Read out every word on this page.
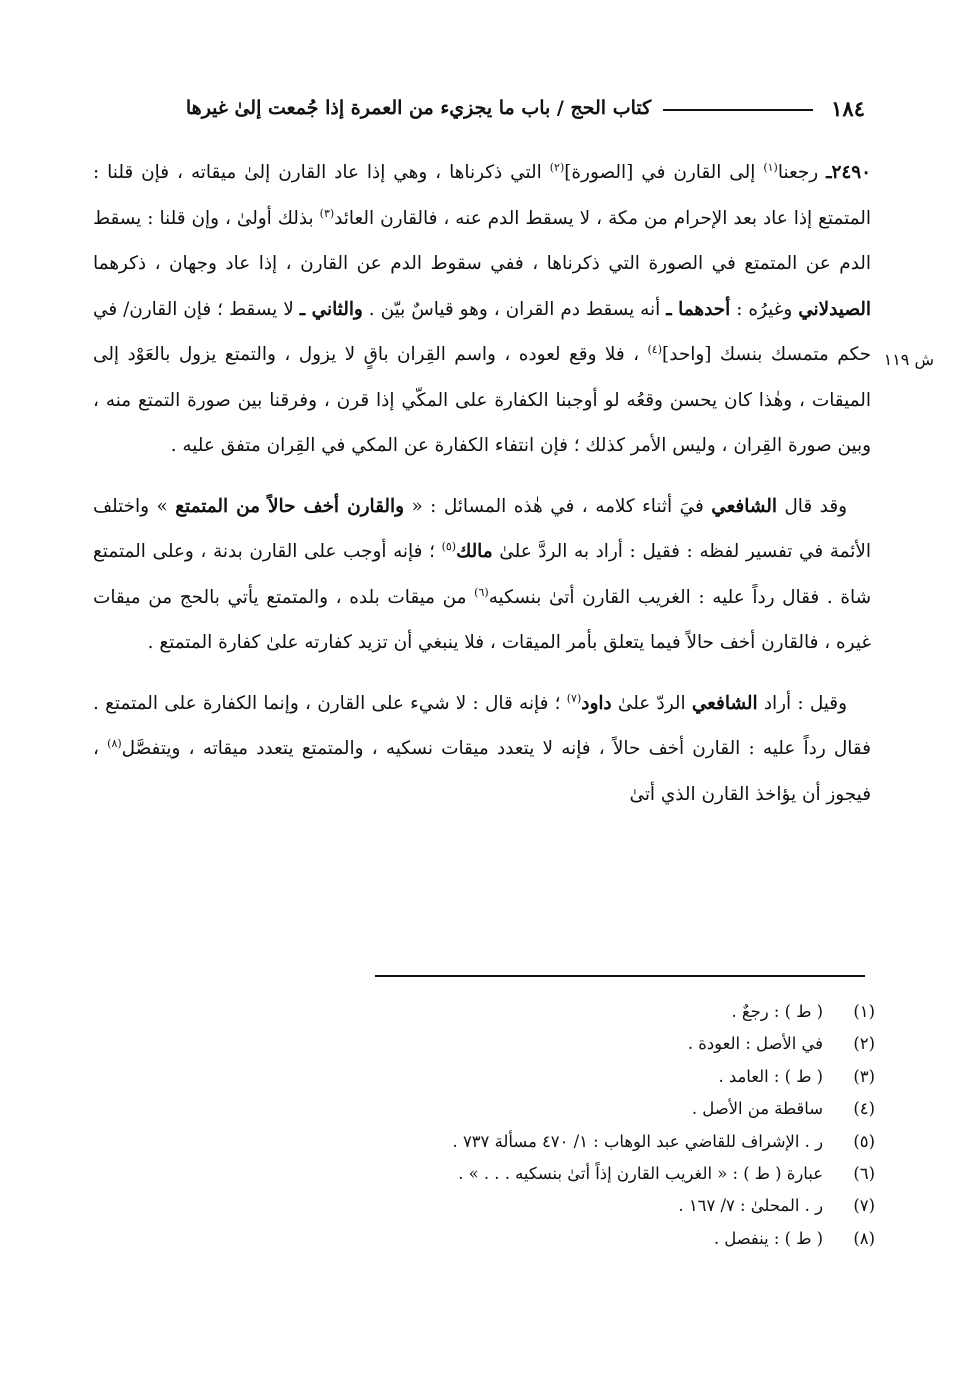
١٨٤
كتاب الحج / باب ما يجزيء من العمرة إذا جُمعت إلىٰ غيرها
ش ١١٩

٢٤٩٠ـ رجعنا$^{(١)}$ إلى القارن في [الصورة]$^{(٢)}$ التي ذكرناها ، وهي إذا عاد القارن إلىٰ ميقاته ، فإن قلنا : المتمتع إذا عاد بعد الإحرام من مكة ، لا يسقط الدم عنه ، فالقارن العائد$^{(٣)}$ بذلك أولىٰ ، وإن قلنا : يسقط الدم عن المتمتع في الصورة التي ذكرناها ، ففي سقوط الدم عن القارن ، إذا عاد وجهان ، ذكرهما الصيدلاني وغيرُه : أحدهما ـ أنه يسقط دم القران ، وهو قياسٌ بيّن . والثاني ـ لا يسقط ؛ فإن القارن/ في حكم متمسك بنسك [واحد]$^{(٤)}$ ، فلا وقع لعوده ، واسم القِران باقٍ لا يزول ، والتمتع يزول بالعَوْد إلى الميقات ، وهٰذا كان يحسن وقعُه لو أوجبنا الكفارة على المكّي إذا قرن ، وفرقنا بين صورة التمتع منه ، وبين صورة القِران ، وليس الأمر كذلك ؛ فإن انتفاء الكفارة عن المكي في القِران متفق عليه .

وقد قال الشافعي فيَ أثناء كلامه ، في هٰذه المسائل : « والقارن أخف حالاً من المتمتع » واختلف الأئمة في تفسير لفظه : فقيل : أراد به الردَّ علىٰ مالك$^{(٥)}$ ؛ فإنه أوجب على القارن بدنة ، وعلى المتمتع شاة . فقال رداً عليه : الغريب القارن أتىٰ بنسكيه$^{(٦)}$ من ميقات بلده ، والمتمتع يأتي بالحج من ميقات غيره ، فالقارن أخف حالاً فيما يتعلق بأمر الميقات ، فلا ينبغي أن تزيد كفارته علىٰ كفارة المتمتع .

وقيل : أراد الشافعي الردّ علىٰ داود$^{(٧)}$ ؛ فإنه قال : لا شيء على القارن ، وإنما الكفارة على المتمتع . فقال رداً عليه : القارن أخف حالاً ، فإنه لا يتعدد ميقات نسكيه ، والمتمتع يتعدد ميقاته ، ويتفصَّل$^{(٨)}$ ، فيجوز أن يؤاخذ القارن الذي أتىٰ

(١)
( ط ) : رجعٌ .
(٢)
في الأصل : العودة .
(٣)
( ط ) : العامد .
(٤)
ساقطة من الأصل .
(٥)
ر . الإشراف للقاضي عبد الوهاب : ١/ ٤٧٠ مسألة ٧٣٧ .
(٦)
عبارة ( ط ) : « الغريب القارن إذاً أتىٰ بنسكيه . . . » .
(٧)
ر . المحلىٰ : ٧/ ١٦٧ .
(٨)
( ط ) : ينفصل .
